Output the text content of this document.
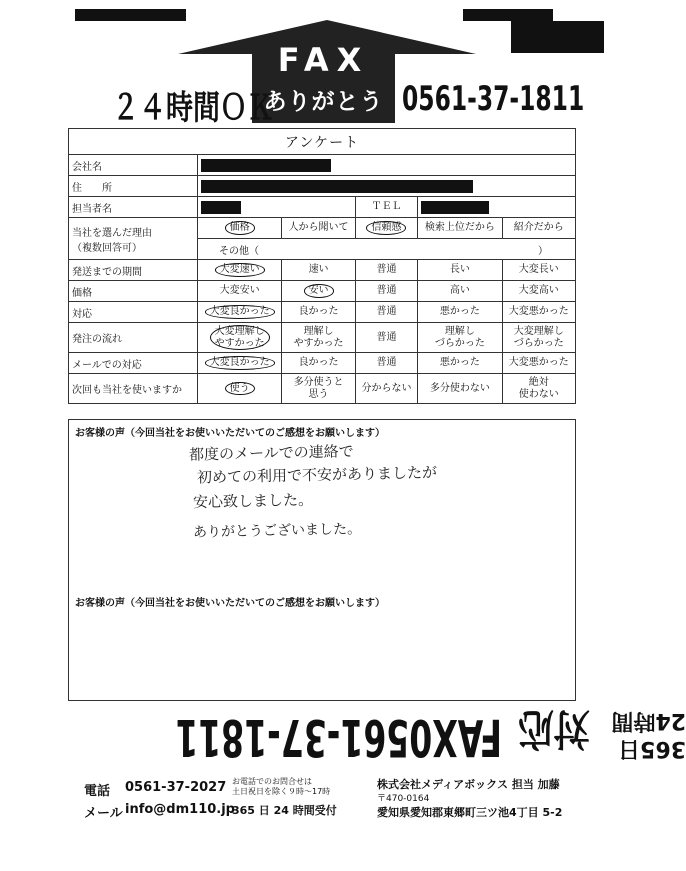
FAX
ありがとう
２４時間ＯＫ	0561-37-1811
アンケート					
会社名					
住　　所					
担当者名			ＴＥＬ		

当社を選んだ理由
（複数回答可）	価格	人から聞いて	信頼感	検索上位だから	紹介だから
	その他（ ）				

発送までの期間	大変速い	速い	普通	長い	大変長い
価格	大変安い	安い	普通	高い	大変高い
対応	大変良かった	良かった	普通	悪かった	大変悪かった
発注の流れ	大変理解し
やすかった	理解し
やすかった	普通	理解し
づらかった	大変理解し
づらかった
メールでの対応	大変良かった	良かった	普通	悪かった	大変悪かった
次回も当社を使いますか	使う	多分使うと
思う	分からない	多分使わない	絶対
使わない
お客様の声（今回当社をお使いいただいてのご感想をお願いします）
都度のメールでの連絡で
初めての利用で不安がありましたが
安心致しました。
ありがとうございました。
お客様の声（今回当社をお使いいただいてのご感想をお願いします）
FAX0561-37-1811 対応 365日
24時間
電話 0561-37-2027
メール info@dm110.jp
お電話でのお問合せは
土日祝日を除く９時～17時
365 日 24 時間受付
株式会社メディアボックス 担当 加藤
〒470-0164
愛知県愛知郡東郷町三ツ池4丁目 5-2
